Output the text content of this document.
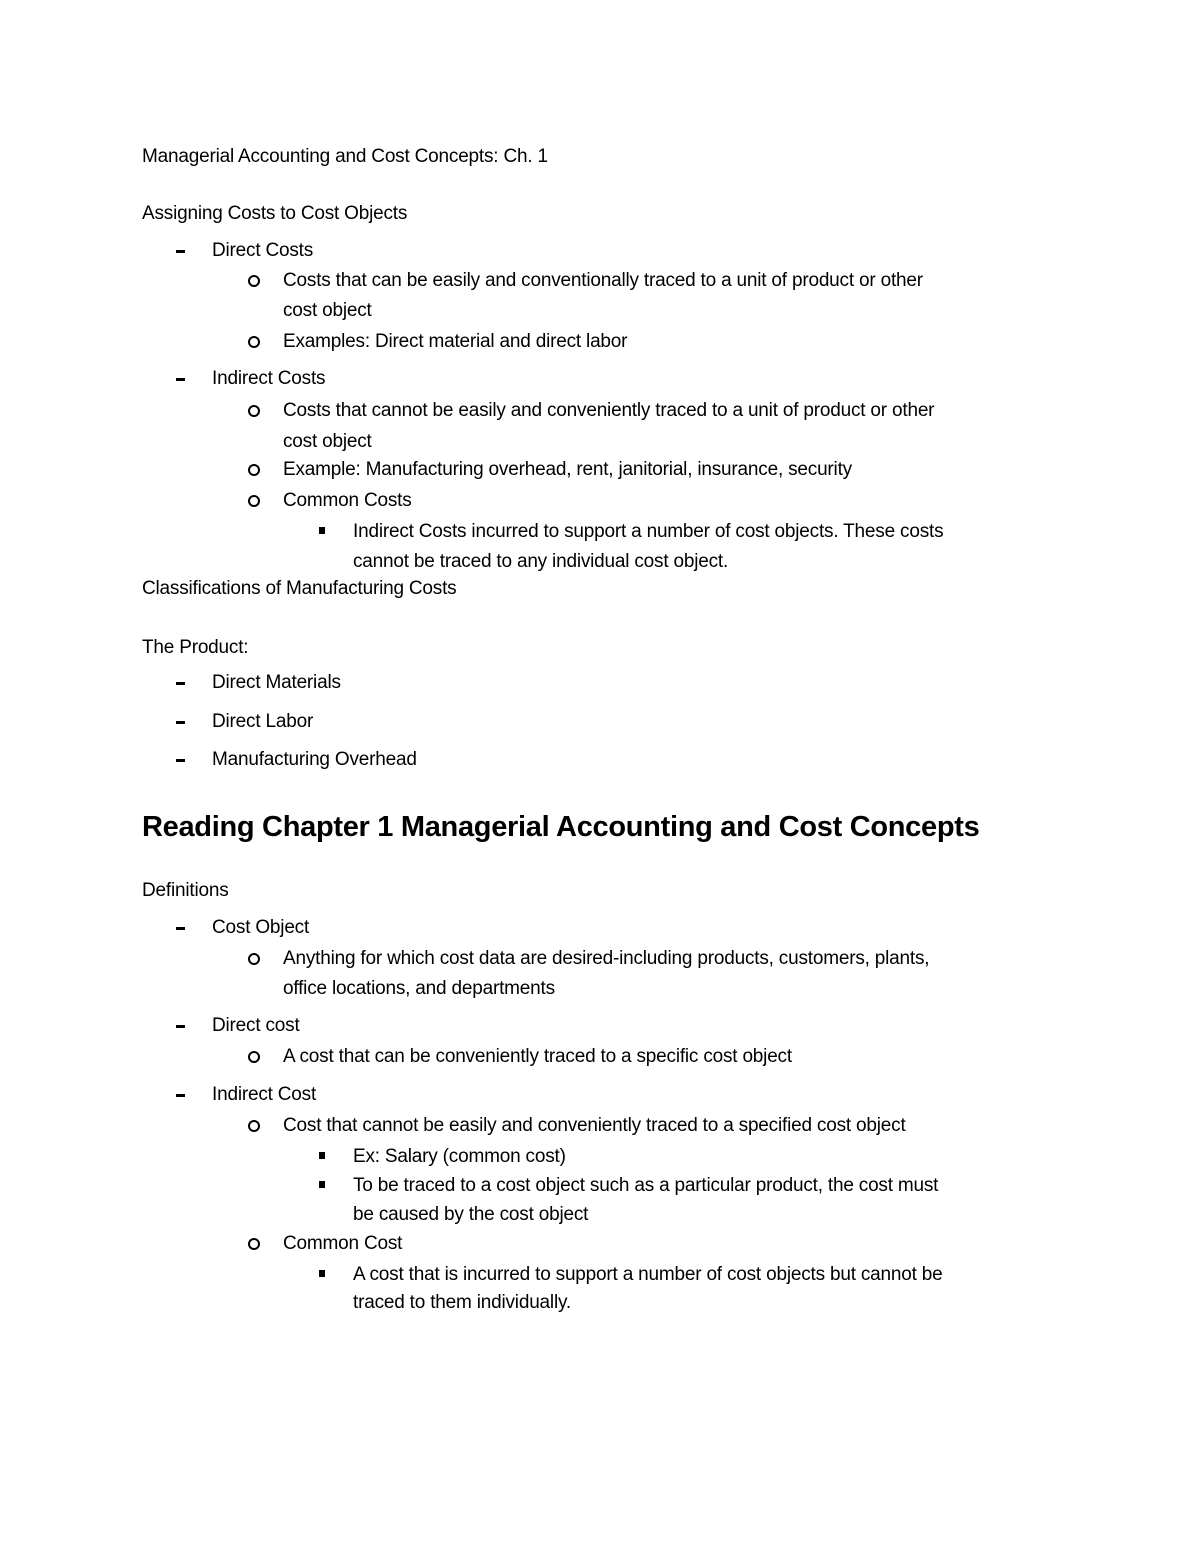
Managerial Accounting and Cost Concepts: Ch. 1
Assigning Costs to Cost Objects
Direct Costs
Costs that can be easily and conventionally traced to a unit of product or other
cost object
Examples: Direct material and direct labor
Indirect Costs
Costs that cannot be easily and conveniently traced to a unit of product or other
cost object
Example: Manufacturing overhead, rent, janitorial, insurance, security
Common Costs
Indirect Costs incurred to support a number of cost objects. These costs
cannot be traced to any individual cost object.
Classifications of Manufacturing Costs
The Product:
Direct Materials
Direct Labor
Manufacturing Overhead
Reading Chapter 1 Managerial Accounting and Cost Concepts
Definitions
Cost Object
Anything for which cost data are desired-including products, customers, plants,
office locations, and departments
Direct cost
A cost that can be conveniently traced to a specific cost object
Indirect Cost
Cost that cannot be easily and conveniently traced to a specified cost object
Ex: Salary (common cost)
To be traced to a cost object such as a particular product, the cost must
be caused by the cost object
Common Cost
A cost that is incurred to support a number of cost objects but cannot be
traced to them individually.
